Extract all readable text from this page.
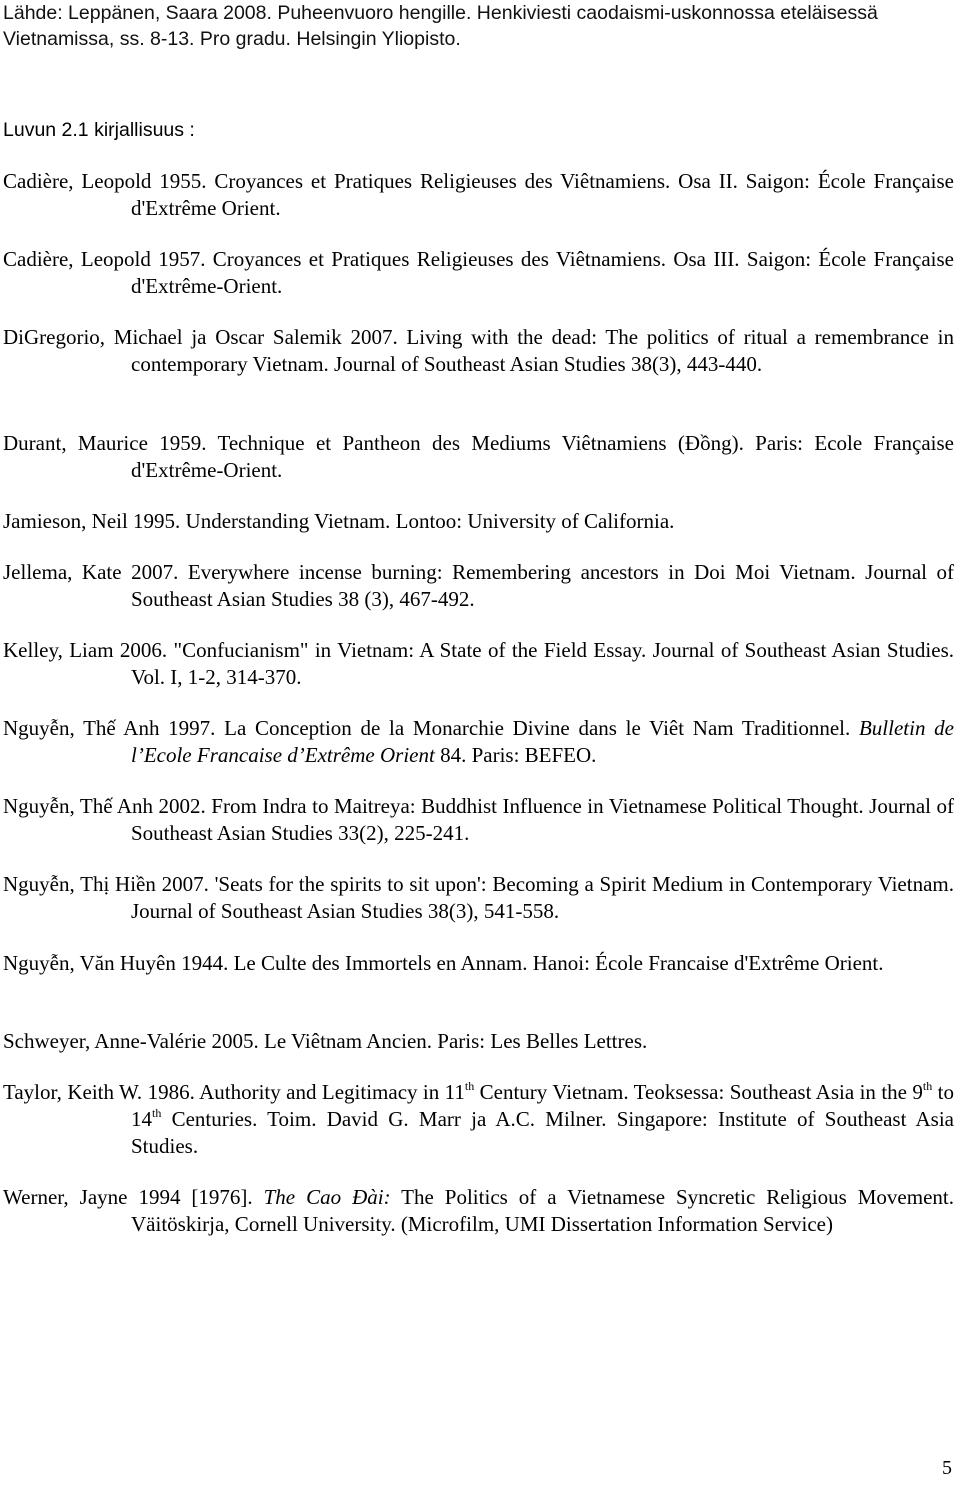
Lähde: Leppänen, Saara 2008. Puheenvuoro hengille. Henkiviesti caodaismi-uskonnossa eteläisessä Vietnamissa, ss. 8-13. Pro gradu. Helsingin Yliopisto.
Luvun 2.1 kirjallisuus :
Cadière, Leopold 1955. Croyances et Pratiques Religieuses des Viêtnamiens. Osa II. Saigon: École Française d'Extrême Orient.
Cadière, Leopold 1957. Croyances et Pratiques Religieuses des Viêtnamiens. Osa III. Saigon: École Française d'Extrême-Orient.
DiGregorio, Michael ja Oscar Salemik 2007. Living with the dead: The politics of ritual a remembrance in contemporary Vietnam. Journal of Southeast Asian Studies 38(3), 443-440.
Durant, Maurice 1959. Technique et Pantheon des Mediums Viêtnamiens (Đồng). Paris: Ecole Française d'Extrême-Orient.
Jamieson, Neil 1995. Understanding Vietnam. Lontoo: University of California.
Jellema, Kate 2007. Everywhere incense burning: Remembering ancestors in Doi Moi Vietnam. Journal of Southeast Asian Studies 38 (3), 467-492.
Kelley, Liam 2006. "Confucianism" in Vietnam: A State of the Field Essay. Journal of Southeast Asian Studies. Vol. I, 1-2, 314-370.
Nguyễn, Thế Anh 1997. La Conception de la Monarchie Divine dans le Viêt Nam Traditionnel. Bulletin de l’Ecole Francaise d’Extrême Orient 84. Paris: BEFEO.
Nguyễn, Thế Anh 2002. From Indra to Maitreya: Buddhist Influence in Vietnamese Political Thought. Journal of Southeast Asian Studies 33(2), 225-241.
Nguyễn, Thị Hiền 2007. 'Seats for the spirits to sit upon': Becoming a Spirit Medium in Contemporary Vietnam. Journal of Southeast Asian Studies 38(3), 541-558.
Nguyễn, Văn Huyên 1944. Le Culte des Immortels en Annam. Hanoi: École Francaise d'Extrême Orient.
Schweyer, Anne-Valérie 2005. Le Viêtnam Ancien. Paris: Les Belles Lettres.
Taylor, Keith W. 1986. Authority and Legitimacy in 11th Century Vietnam. Teoksessa: Southeast Asia in the 9th to 14th Centuries. Toim. David G. Marr ja A.C. Milner. Singapore: Institute of Southeast Asia Studies.
Werner, Jayne 1994 [1976]. The Cao Đài: The Politics of a Vietnamese Syncretic Religious Movement. Väitöskirja, Cornell University. (Microfilm, UMI Dissertation Information Service)
5
